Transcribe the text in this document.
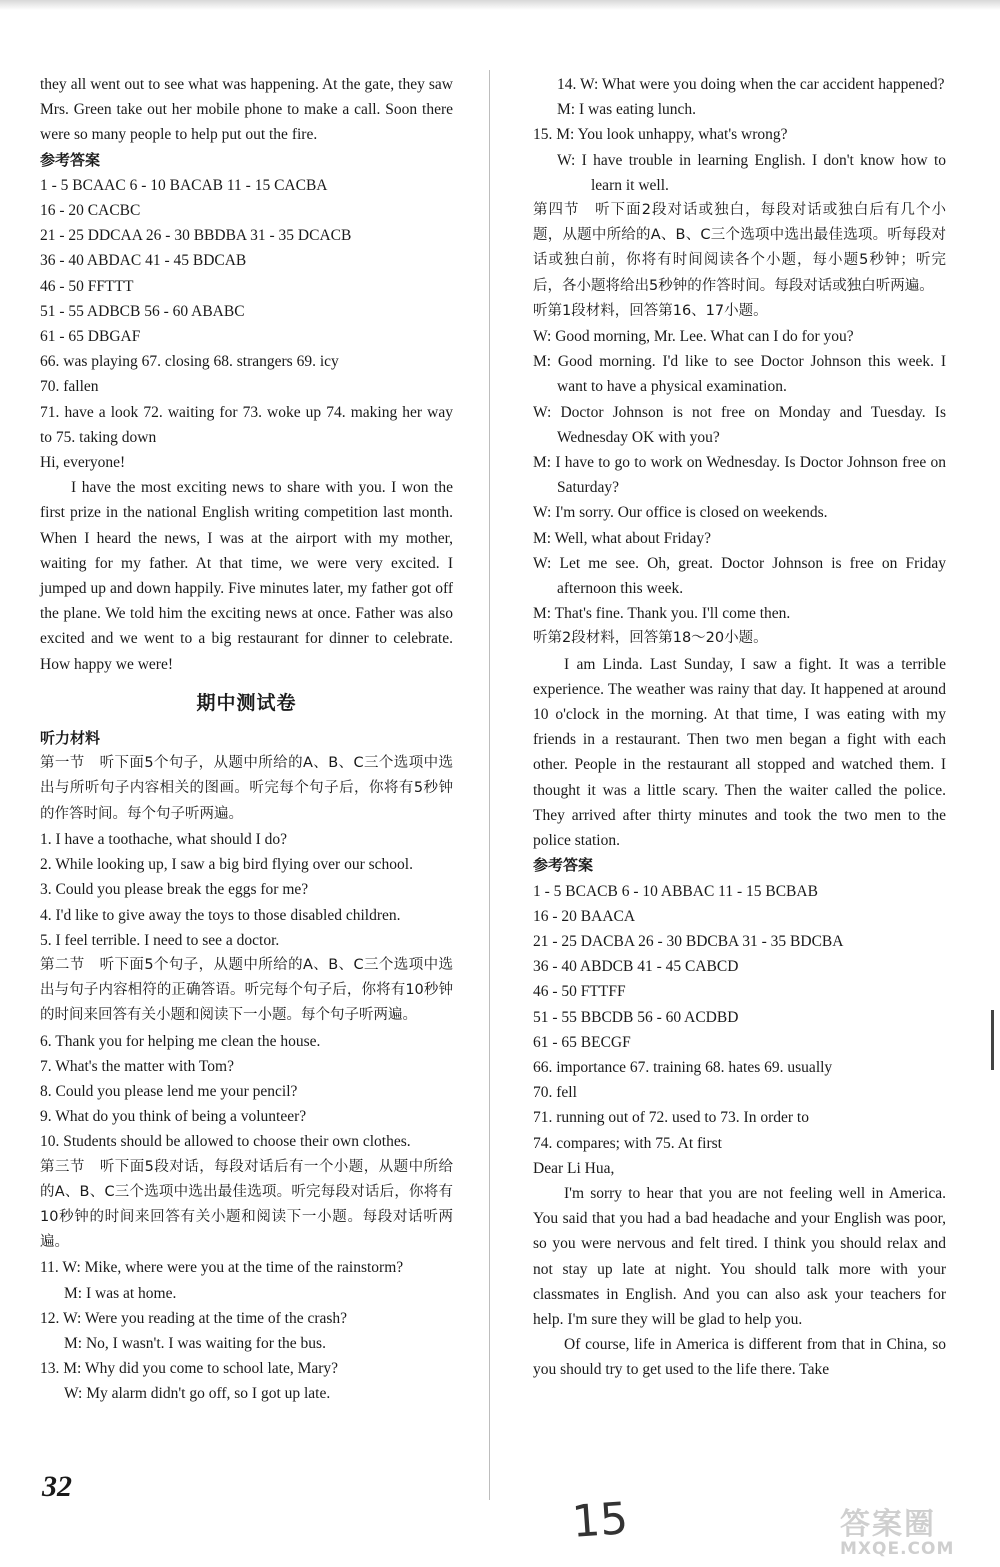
they all went out to see what was happening. At the gate, they saw Mrs. Green take out her mobile phone to make a call. Soon there were so many people to help put out the fire.

参考答案

1 - 5 BCAAC 6 - 10 BACAB 11 - 15 CACBA

16 - 20 CACBC

21 - 25 DDCAA 26 - 30 BBDBA 31 - 35 DCACB

36 - 40 ABDAC 41 - 45 BDCAB

46 - 50 FFTTT

51 - 55 ADBCB 56 - 60 ABABC

61 - 65 DBGAF

66. was playing 67. closing 68. strangers 69. icy

70. fallen

71. have a look 72. waiting for 73. woke up 74. making her way to 75. taking down

Hi, everyone!

I have the most exciting news to share with you. I won the first prize in the national English writing competition last month. When I heard the news, I was at the airport with my mother, waiting for my father. At that time, we were very excited. I jumped up and down happily. Five minutes later, my father got off the plane. We told him the exciting news at once. Father was also excited and we went to a big restaurant for dinner to celebrate. How happy we were!

期中测试卷

听力材料

第一节　听下面5个句子，从题中所给的A、B、C三个选项中选出与所听句子内容相关的图画。听完每个句子后，你将有5秒钟的作答时间。每个句子听两遍。

1. I have a toothache, what should I do?

2. While looking up, I saw a big bird flying over our school.

3. Could you please break the eggs for me?

4. I'd like to give away the toys to those disabled children.

5. I feel terrible. I need to see a doctor.

第二节　听下面5个句子，从题中所给的A、B、C三个选项中选出与句子内容相符的正确答语。听完每个句子后，你将有10秒钟的时间来回答有关小题和阅读下一小题。每个句子听两遍。

6. Thank you for helping me clean the house.

7. What's the matter with Tom?

8. Could you please lend me your pencil?

9. What do you think of being a volunteer?

10. Students should be allowed to choose their own clothes.

第三节　听下面5段对话，每段对话后有一个小题，从题中所给的A、B、C三个选项中选出最佳选项。听完每段对话后，你将有10秒钟的时间来回答有关小题和阅读下一小题。每段对话听两遍。

11. W: Mike, where were you at the time of the rainstorm?

M: I was at home.

12. W: Were you reading at the time of the crash?

M: No, I wasn't. I was waiting for the bus.

13. M: Why did you come to school late, Mary?

W: My alarm didn't go off, so I got up late.

14. W: What were you doing when the car accident happened?

M: I was eating lunch.

15. M: You look unhappy, what's wrong?

W: I have trouble in learning English. I don't know how to learn it well.

第四节　听下面2段对话或独白，每段对话或独白后有几个小题，从题中所给的A、B、C三个选项中选出最佳选项。听每段对话或独白前，你将有时间阅读各个小题，每小题5秒钟；听完后，各小题将给出5秒钟的作答时间。每段对话或独白听两遍。

听第1段材料，回答第16、17小题。

W: Good morning, Mr. Lee. What can I do for you?

M: Good morning. I'd like to see Doctor Johnson this week. I want to have a physical examination.

W: Doctor Johnson is not free on Monday and Tuesday. Is Wednesday OK with you?

M: I have to go to work on Wednesday. Is Doctor Johnson free on Saturday?

W: I'm sorry. Our office is closed on weekends.

M: Well, what about Friday?

W: Let me see. Oh, great. Doctor Johnson is free on Friday afternoon this week.

M: That's fine. Thank you. I'll come then.

听第2段材料，回答第18～20小题。

I am Linda. Last Sunday, I saw a fight. It was a terrible experience. The weather was rainy that day. It happened at around 10 o'clock in the morning. At that time, I was eating with my friends in a restaurant. Then two men began a fight with each other. People in the restaurant all stopped and watched them. I thought it was a little scary. Then the waiter called the police. They arrived after thirty minutes and took the two men to the police station.

参考答案

1 - 5 BCACB 6 - 10 ABBAC 11 - 15 BCBAB

16 - 20 BAACA

21 - 25 DACBA 26 - 30 BDCBA 31 - 35 BDCBA

36 - 40 ABDCB 41 - 45 CABCD

46 - 50 FTTFF

51 - 55 BBCDB 56 - 60 ACDBD

61 - 65 BECGF

66. importance 67. training 68. hates 69. usually

70. fell

71. running out of 72. used to 73. In order to

74. compares; with 75. At first

Dear Li Hua,

I'm sorry to hear that you are not feeling well in America. You said that you had a bad headache and your English was poor, so you were nervous and felt tired. I think you should relax and not stay up late at night. You should talk more with your classmates in English. And you can also ask your teachers for help. I'm sure they will be glad to help you.

Of course, life in America is different from that in China, so you should try to get used to the life there. Take

32
15	答案圈
MXQE.COM
